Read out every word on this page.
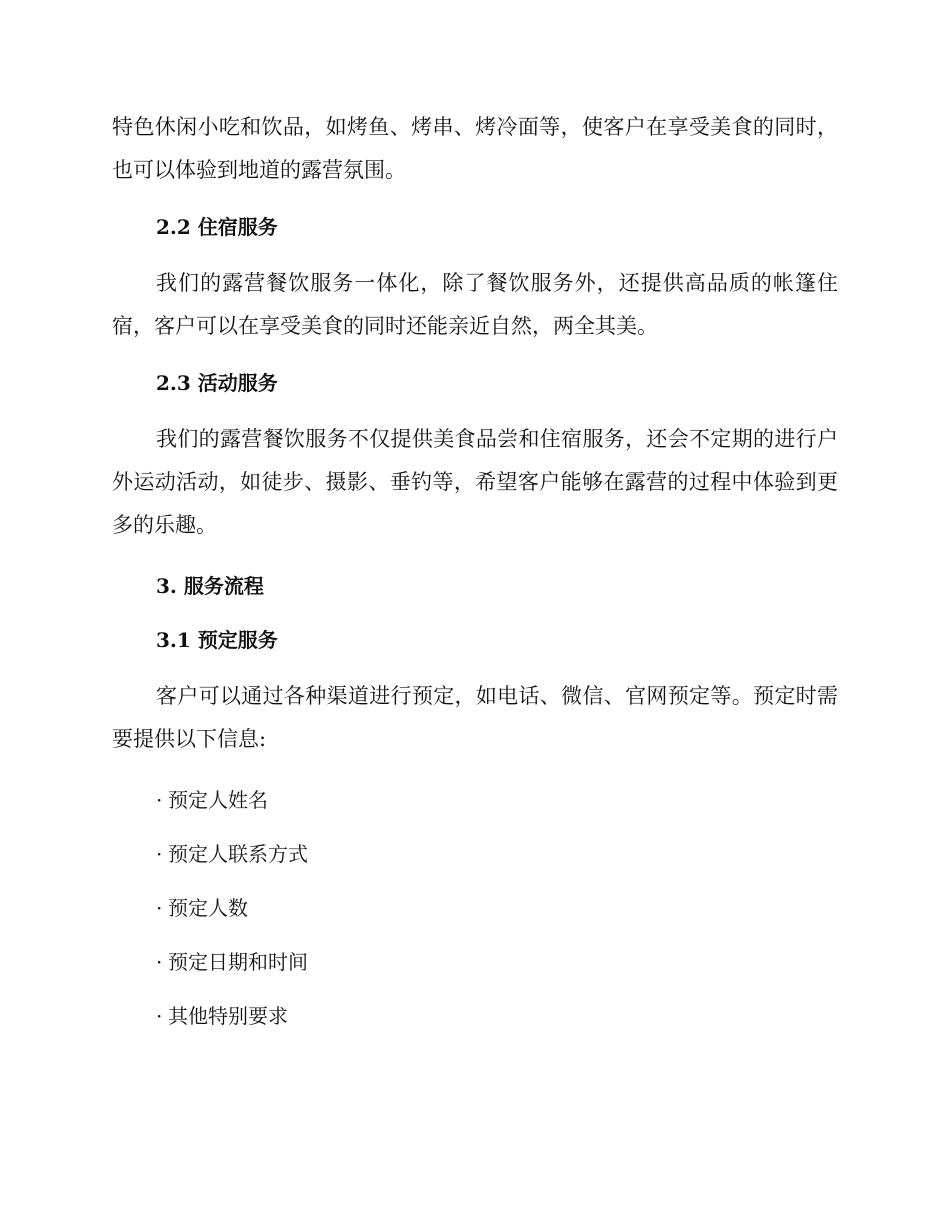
特色休闲小吃和饮品，如烤鱼、烤串、烤冷面等，使客户在享受美食的同时，也可以体验到地道的露营氛围。

2.2 住宿服务

我们的露营餐饮服务一体化，除了餐饮服务外，还提供高品质的帐篷住宿，客户可以在享受美食的同时还能亲近自然，两全其美。

2.3 活动服务

我们的露营餐饮服务不仅提供美食品尝和住宿服务，还会不定期的进行户外运动活动，如徒步、摄影、垂钓等，希望客户能够在露营的过程中体验到更多的乐趣。

3. 服务流程
3.1 预定服务

客户可以通过各种渠道进行预定，如电话、微信、官网预定等。预定时需要提供以下信息:

· 预定人姓名

· 预定人联系方式

· 预定人数

· 预定日期和时间

· 其他特别要求
